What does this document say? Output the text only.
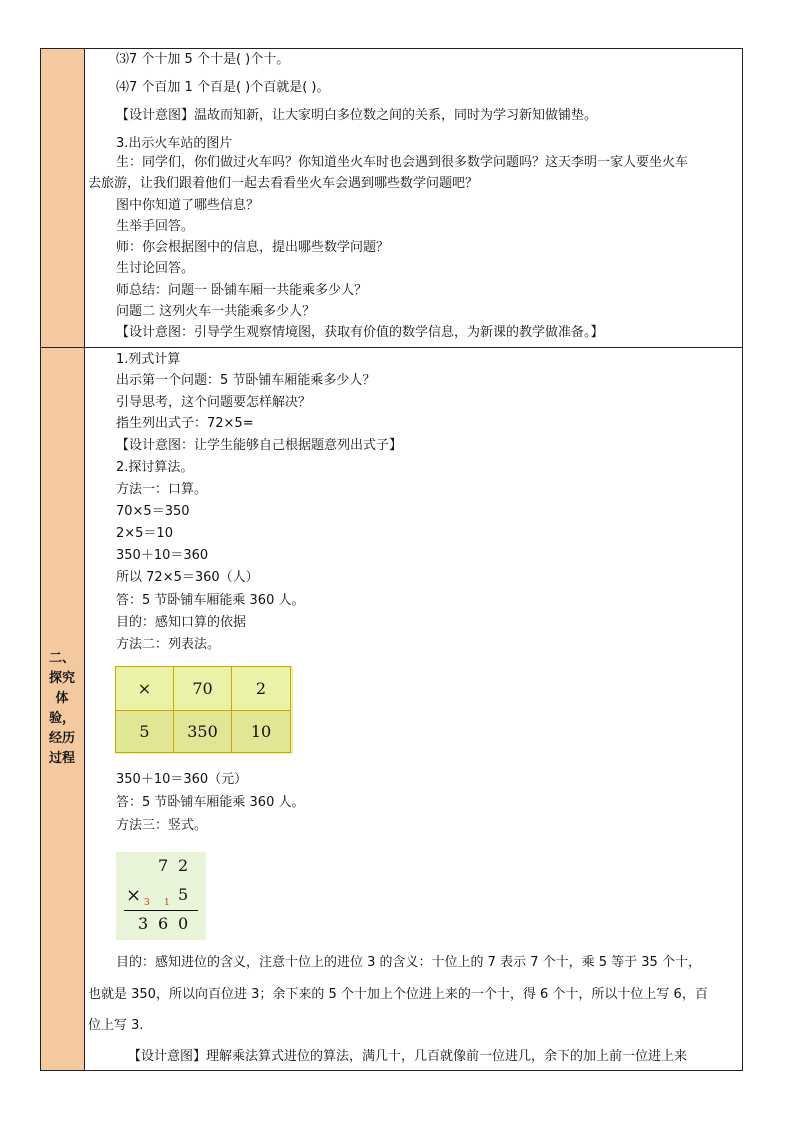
⑶7 个十加 5 个十是( )个十。
⑷7 个百加 1 个百是( )个百就是( )。
【设计意图】温故而知新，让大家明白多位数之间的关系，同时为学习新知做铺垫。
3.出示火车站的图片
生：同学们，你们做过火车吗？你知道坐火车时也会遇到很多数学问题吗？这天李明一家人要坐火车
去旅游，让我们跟着他们一起去看看坐火车会遇到哪些数学问题吧？
图中你知道了哪些信息？
生举手回答。
师：你会根据图中的信息，提出哪些数学问题？
生讨论回答。
师总结：问题一 卧铺车厢一共能乘多少人？
问题二 这列火车一共能乘多少人？
【设计意图：引导学生观察情境图，获取有价值的数学信息，为新课的教学做准备。】
二、
探究
体
验，
经历
过程
1.列式计算
出示第一个问题：5 节卧铺车厢能乘多少人？
引导思考，这个问题要怎样解决？
指生列出式子：72×5=
【设计意图：让学生能够自己根据题意列出式子】
2.探讨算法。
方法一：口算。
70×5＝350
2×5＝10
350＋10＝360
所以 72×5＝360（人）
答：5 节卧铺车厢能乘 360 人。
目的：感知口算的依据
方法二：列表法。
×	70	2
5	350	10
350＋10＝360（元）
答：5 节卧铺车厢能乘 360 人。
方法三：竖式。
7 2
× 3 1 5
3 6 0
目的：感知进位的含义，注意十位上的进位 3 的含义：十位上的 7 表示 7 个十，乘 5 等于 35 个十，
也就是 350，所以向百位进 3；余下来的 5 个十加上个位进上来的一个十，得 6 个十，所以十位上写 6，百
位上写 3.
【设计意图】理解乘法算式进位的算法，满几十，几百就像前一位进几，余下的加上前一位进上来
